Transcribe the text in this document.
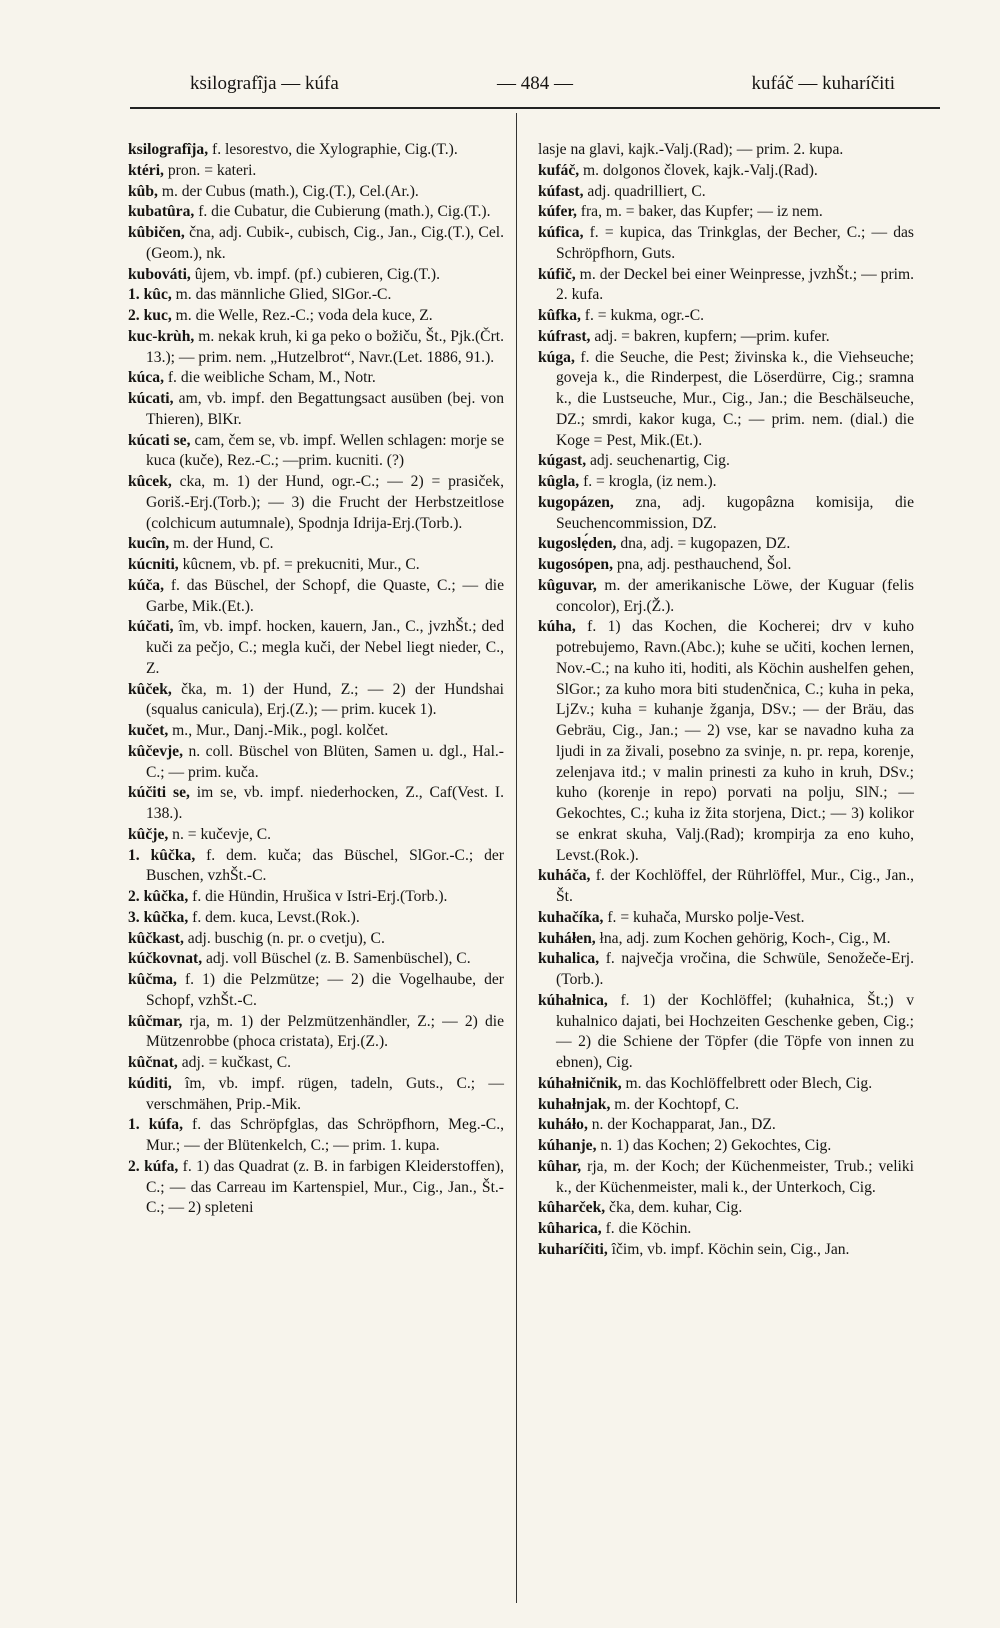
ksilografîja — kúfa	— 484 —	kufáč — kuharíčiti

ksilografîja, f. lesorestvo, die Xylographie, Cig.(T.).

ktéri, pron. = kateri.

kûb, m. der Cubus (math.), Cig.(T.), Cel.(Ar.).

kubatûra, f. die Cubatur, die Cubierung (math.), Cig.(T.).

kûbičen, čna, adj. Cubik-, cubisch, Cig., Jan., Cig.(T.), Cel.(Geom.), nk.

kubováti, ûjem, vb. impf. (pf.) cubieren, Cig.(T.).

1. kûc, m. das männliche Glied, SlGor.-C.

2. kuc, m. die Welle, Rez.-C.; voda dela kuce, Z.

kuc-krùh, m. nekak kruh, ki ga peko o božiču, Št., Pjk.(Črt. 13.); — prim. nem. „Hutzelbrot“, Navr.(Let. 1886, 91.).

kúca, f. die weibliche Scham, M., Notr.

kúcati, am, vb. impf. den Begattungsact ausüben (bej. von Thieren), BlKr.

kúcati se, cam, čem se, vb. impf. Wellen schlagen: morje se kuca (kuče), Rez.-C.; —prim. kucniti. (?)

kûcek, cka, m. 1) der Hund, ogr.-C.; — 2) = prasiček, Goriš.-Erj.(Torb.); — 3) die Frucht der Herbstzeitlose (colchicum autumnale), Spodnja Idrija-Erj.(Torb.).

kucîn, m. der Hund, C.

kúcniti, kûcnem, vb. pf. = prekucniti, Mur., C.

kúča, f. das Büschel, der Schopf, die Quaste, C.; — die Garbe, Mik.(Et.).

kúčati, îm, vb. impf. hocken, kauern, Jan., C., jvzhŠt.; ded kuči za pečjo, C.; megla kuči, der Nebel liegt nieder, C., Z.

kûček, čka, m. 1) der Hund, Z.; — 2) der Hundshai (squalus canicula), Erj.(Z.); — prim. kucek 1).

kučet, m., Mur., Danj.-Mik., pogl. kolčet.

kûčevje, n. coll. Büschel von Blüten, Samen u. dgl., Hal.-C.; — prim. kuča.

kúčiti se, im se, vb. impf. niederhocken, Z., Caf(Vest. I. 138.).

kûčje, n. = kučevje, C.

1. kûčka, f. dem. kuča; das Büschel, SlGor.-C.; der Buschen, vzhŠt.-C.

2. kûčka, f. die Hündin, Hrušica v Istri-Erj.(Torb.).

3. kûčka, f. dem. kuca, Levst.(Rok.).

kûčkast, adj. buschig (n. pr. o cvetju), C.

kúčkovnat, adj. voll Büschel (z. B. Samenbüschel), C.

kûčma, f. 1) die Pelzmütze; — 2) die Vogelhaube, der Schopf, vzhŠt.-C.

kûčmar, rja, m. 1) der Pelzmützenhändler, Z.; — 2) die Mützenrobbe (phoca cristata), Erj.(Z.).

kûčnat, adj. = kučkast, C.

kúditi, îm, vb. impf. rügen, tadeln, Guts., C.; — verschmähen, Prip.-Mik.

1. kúfa, f. das Schröpfglas, das Schröpfhorn, Meg.-C., Mur.; — der Blütenkelch, C.; — prim. 1. kupa.

2. kúfa, f. 1) das Quadrat (z. B. in farbigen Kleiderstoffen), C.; — das Carreau im Kartenspiel, Mur., Cig., Jan., Št.-C.; — 2) spleteni

lasje na glavi, kajk.-Valj.(Rad); — prim. 2. kupa.

kufáč, m. dolgonos človek, kajk.-Valj.(Rad).

kúfast, adj. quadrilliert, C.

kúfer, fra, m. = baker, das Kupfer; — iz nem.

kúfica, f. = kupica, das Trinkglas, der Becher, C.; — das Schröpfhorn, Guts.

kúfič, m. der Deckel bei einer Weinpresse, jvzhŠt.; — prim. 2. kufa.

kûfka, f. = kukma, ogr.-C.

kúfrast, adj. = bakren, kupfern; —prim. kufer.

kúga, f. die Seuche, die Pest; živinska k., die Viehseuche; goveja k., die Rinderpest, die Löserdürre, Cig.; sramna k., die Lustseuche, Mur., Cig., Jan.; die Beschälseuche, DZ.; smrdi, kakor kuga, C.; — prim. nem. (dial.) die Koge = Pest, Mik.(Et.).

kúgast, adj. seuchenartig, Cig.

kûgla, f. = krogla, (iz nem.).

kugopázen, zna, adj. kugopâzna komisija, die Seuchencommission, DZ.

kugoslẹ́den, dna, adj. = kugopazen, DZ.

kugosópen, pna, adj. pesthauchend, Šol.

kûguvar, m. der amerikanische Löwe, der Kuguar (felis concolor), Erj.(Ž.).

kúha, f. 1) das Kochen, die Kocherei; drv v kuho potrebujemo, Ravn.(Abc.); kuhe se učiti, kochen lernen, Nov.-C.; na kuho iti, hoditi, als Köchin aushelfen gehen, SlGor.; za kuho mora biti studenčnica, C.; kuha in peka, LjZv.; kuha = kuhanje žganja, DSv.; — der Bräu, das Gebräu, Cig., Jan.; — 2) vse, kar se navadno kuha za ljudi in za živali, posebno za svinje, n. pr. repa, korenje, zelenjava itd.; v malin prinesti za kuho in kruh, DSv.; kuho (korenje in repo) porvati na polju, SlN.; —Gekochtes, C.; kuha iz žita storjena, Dict.; — 3) kolikor se enkrat skuha, Valj.(Rad); krompirja za eno kuho, Levst.(Rok.).

kuháča, f. der Kochlöffel, der Rührlöffel, Mur., Cig., Jan., Št.

kuhačíka, f. = kuhača, Mursko polje-Vest.

kuháłen, łna, adj. zum Kochen gehörig, Koch-, Cig., M.

kuhalica, f. največja vročina, die Schwüle, Senožeče-Erj.(Torb.).

kúhałnica, f. 1) der Kochlöffel; (kuhałnica, Št.;) v kuhalnico dajati, bei Hochzeiten Geschenke geben, Cig.; — 2) die Schiene der Töpfer (die Töpfe von innen zu ebnen), Cig.

kúhałničnik, m. das Kochlöffelbrett oder Blech, Cig.

kuhałnjak, m. der Kochtopf, C.

kuháło, n. der Kochapparat, Jan., DZ.

kúhanje, n. 1) das Kochen; 2) Gekochtes, Cig.

kûhar, rja, m. der Koch; der Küchenmeister, Trub.; veliki k., der Küchenmeister, mali k., der Unterkoch, Cig.

kûharček, čka, dem. kuhar, Cig.

kûharica, f. die Köchin.

kuharíčiti, îčim, vb. impf. Köchin sein, Cig., Jan.
